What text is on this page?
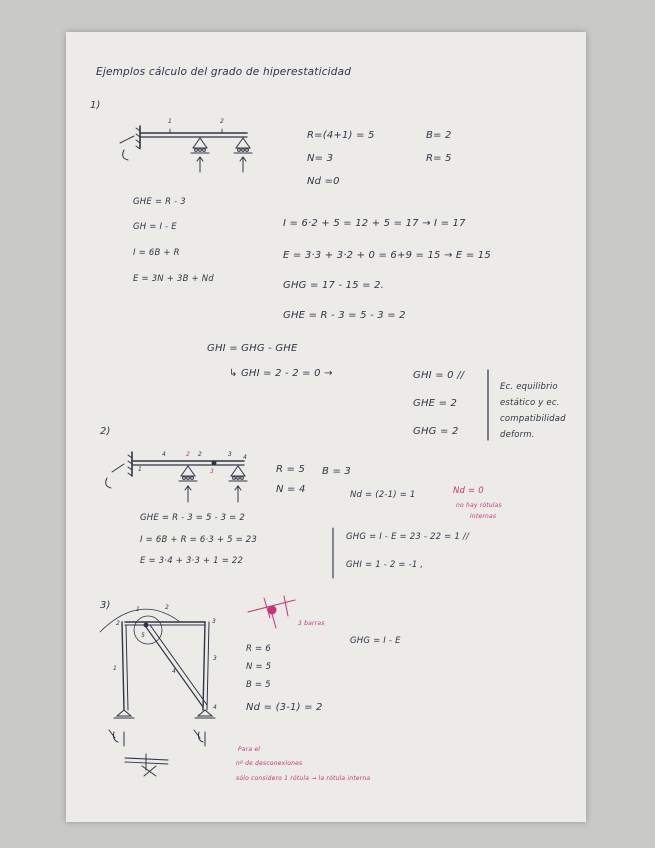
Ejemplos cálculo del grado de hiperestaticidad
1)
1	2
R=(4+1) = 5
N= 3
Nd =0
B= 2
R= 5
GHE = R - 3
GH = I - E
I = 6B + R
E = 3N + 3B + Nd
I = 6·2 + 5 = 12 + 5 = 17 → I = 17
E = 3·3 + 3·2 + 0 = 6+9 = 15 → E = 15
GHG = 17 - 15 = 2.
GHE = R - 3 = 5 - 3 = 2
GHI = GHG - GHE
↳ GHI = 2 - 2 = 0 →	GHI = 0 //
GHE = 2
GHG = 2
Ec. equilibrio
estático y ec.
compatibilidad
deform.
2)
1
4	2 2
3
3 4
R = 5 B = 3
N = 4	Nd = (2-1) = 1	Nd = 0
no hay rótulas
internas
GHE = R - 3 = 5 - 3 = 2
I = 6B + R = 6·3 + 5 = 23
E = 3·4 + 3·3 + 1 = 22
GHG = I - E = 23 - 22 = 1 //
GHI = 1 - 2 = -1 ,
3)	1
2	3
4
5
2
1	4
3
3 barras
R = 6
N = 5
B = 5
Nd = (3-1) = 2
GHG = I - E
Para el
nº de desconexiones
sólo considero 1 rótula → la rótula interna
